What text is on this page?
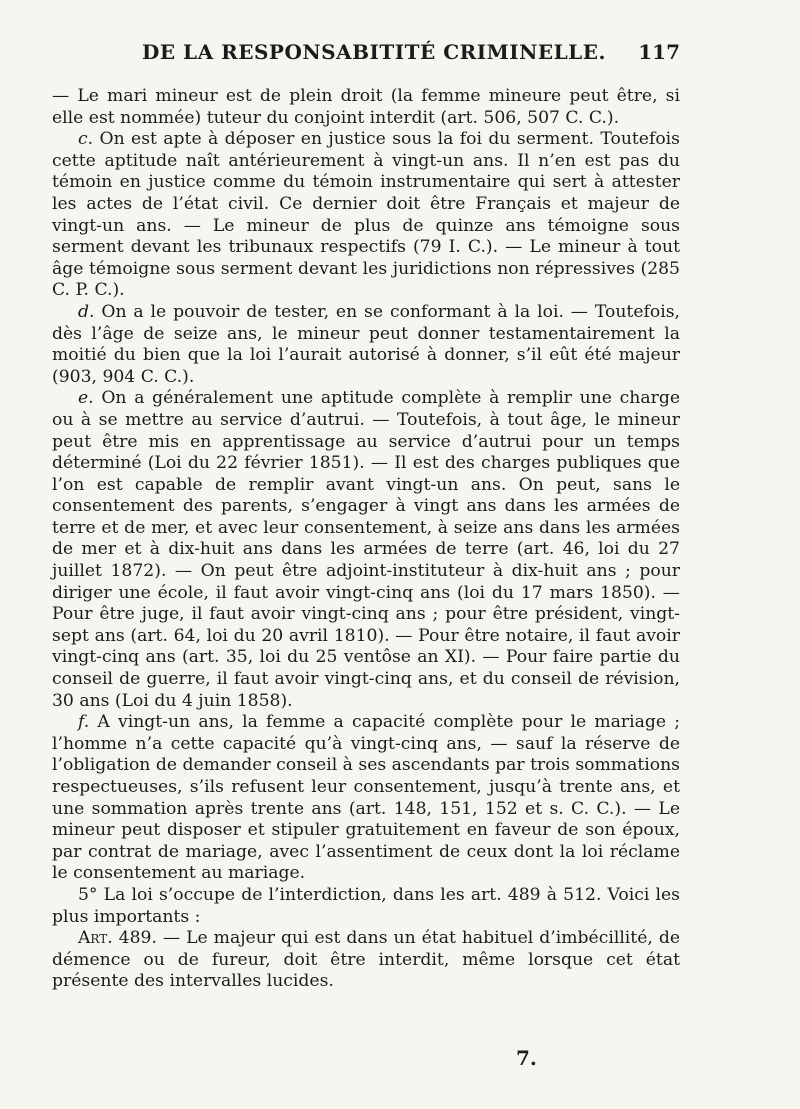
DE LA RESPONSABITITÉ CRIMINELLE. 117

— Le mari mineur est de plein droit (la femme mineure peut être, si elle est nommée) tuteur du conjoint interdit (art. 506, 507 C. C.).

c. On est apte à déposer en justice sous la foi du serment. Toutefois cette aptitude naît antérieurement à vingt-un ans. Il n’en est pas du témoin en justice comme du témoin instrumentaire qui sert à attester les actes de l’état civil. Ce dernier doit être Français et majeur de vingt-un ans. — Le mineur de plus de quinze ans témoigne sous serment devant les tribunaux respectifs (79 I. C.). — Le mineur à tout âge témoigne sous serment devant les juridictions non répressives (285 C. P. C.).

d. On a le pouvoir de tester, en se conformant à la loi. — Toutefois, dès l’âge de seize ans, le mineur peut donner testamentairement la moitié du bien que la loi l’aurait autorisé à donner, s’il eût été majeur (903, 904 C. C.).

e. On a généralement une aptitude complète à remplir une charge ou à se mettre au service d’autrui. — Toutefois, à tout âge, le mineur peut être mis en apprentissage au service d’autrui pour un temps déterminé (Loi du 22 février 1851). — Il est des charges publiques que l’on est capable de remplir avant vingt-un ans. On peut, sans le consentement des parents, s’engager à vingt ans dans les armées de terre et de mer, et avec leur consentement, à seize ans dans les armées de mer et à dix-huit ans dans les armées de terre (art. 46, loi du 27 juillet 1872). — On peut être adjoint-instituteur à dix-huit ans ; pour diriger une école, il faut avoir vingt-cinq ans (loi du 17 mars 1850). — Pour être juge, il faut avoir vingt-cinq ans ; pour être président, vingt-sept ans (art. 64, loi du 20 avril 1810). — Pour être notaire, il faut avoir vingt-cinq ans (art. 35, loi du 25 ventôse an XI). — Pour faire partie du conseil de guerre, il faut avoir vingt-cinq ans, et du conseil de révision, 30 ans (Loi du 4 juin 1858).

f. A vingt-un ans, la femme a capacité complète pour le mariage ; l’homme n’a cette capacité qu’à vingt-cinq ans, — sauf la réserve de l’obligation de demander conseil à ses ascendants par trois sommations respectueuses, s’ils refusent leur consentement, jusqu’à trente ans, et une sommation après trente ans (art. 148, 151, 152 et s. C. C.). — Le mineur peut disposer et stipuler gratuitement en faveur de son époux, par contrat de mariage, avec l’assentiment de ceux dont la loi réclame le consentement au mariage.

5° La loi s’occupe de l’interdiction, dans les art. 489 à 512. Voici les plus importants :

Art. 489. — Le majeur qui est dans un état habituel d’imbécillité, de démence ou de fureur, doit être interdit, même lorsque cet état présente des intervalles lucides.

7.
